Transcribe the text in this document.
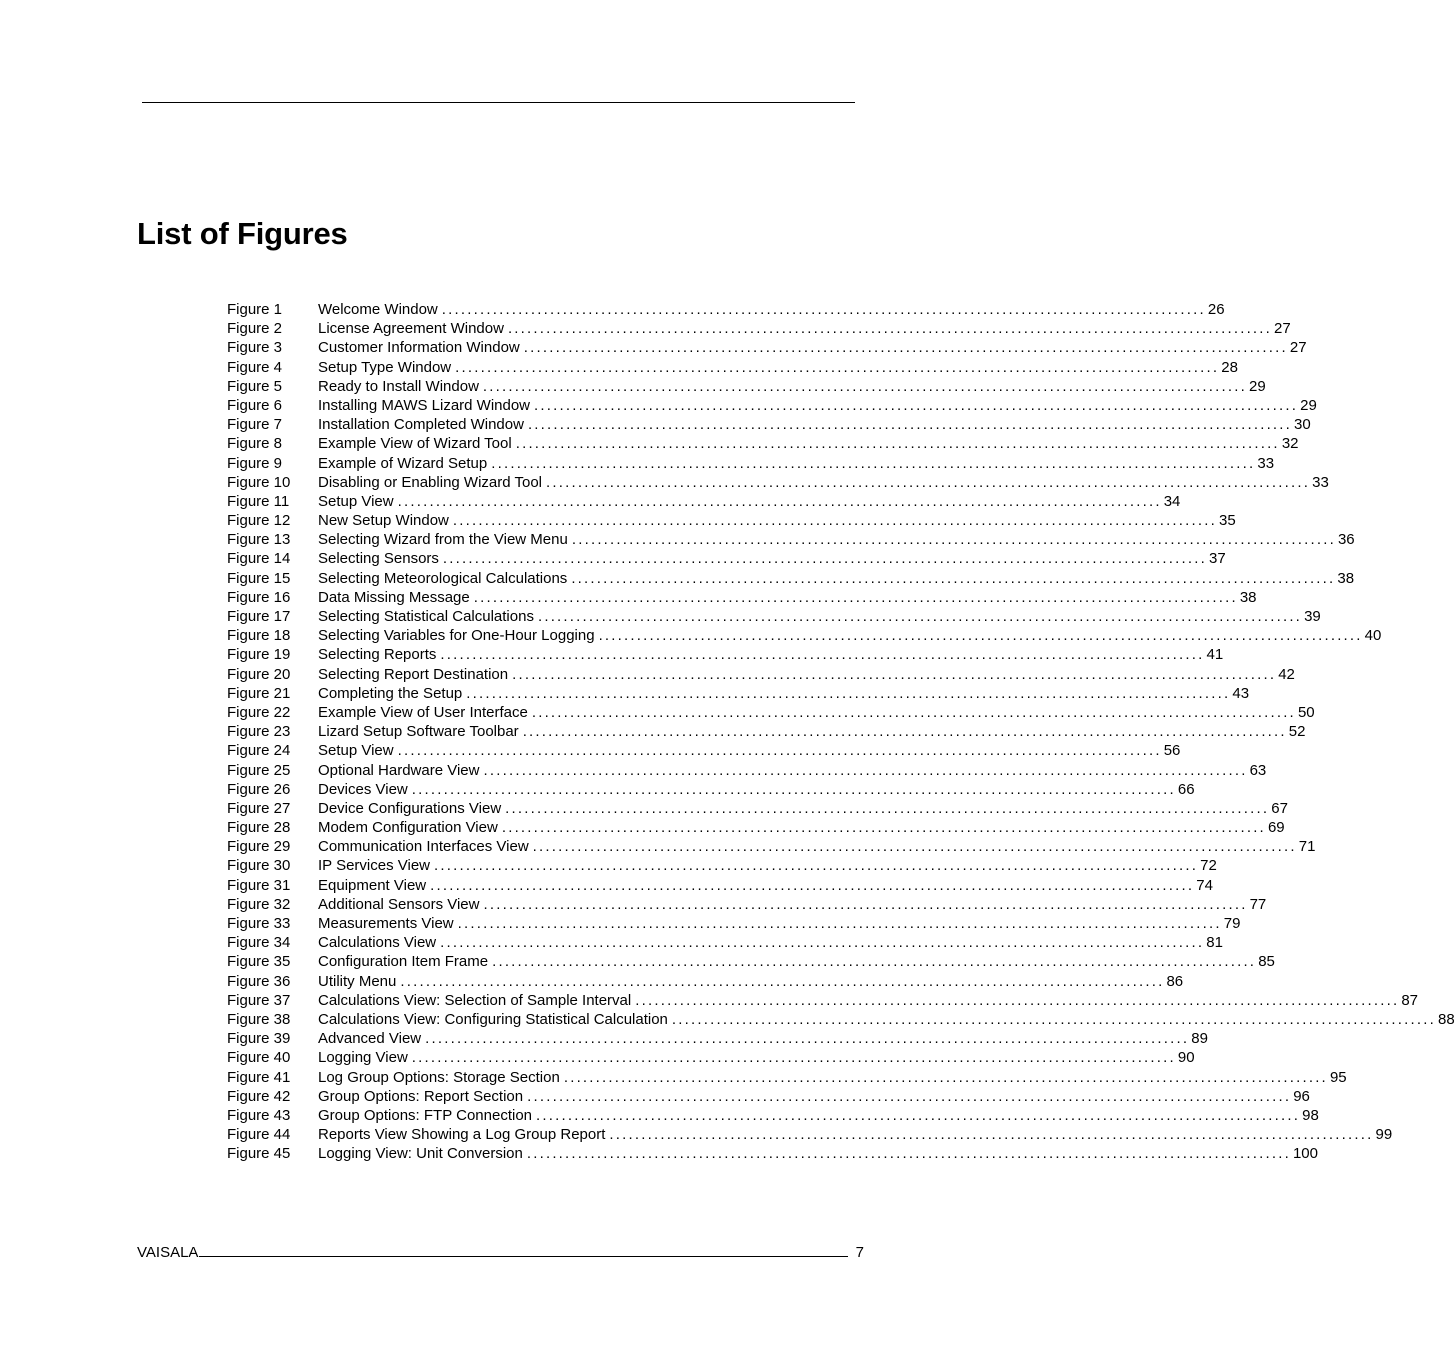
List of Figures
Figure 1	Welcome Window ........................................................................................................................ 26
Figure 2	License Agreement Window ........................................................................................................................ 27
Figure 3	Customer Information Window ........................................................................................................................ 27
Figure 4	Setup Type Window ........................................................................................................................ 28
Figure 5	Ready to Install Window ........................................................................................................................ 29
Figure 6	Installing MAWS Lizard Window ........................................................................................................................ 29
Figure 7	Installation Completed Window ........................................................................................................................ 30
Figure 8	Example View of Wizard Tool ........................................................................................................................ 32
Figure 9	Example of Wizard Setup ........................................................................................................................ 33
Figure 10	Disabling or Enabling Wizard Tool ........................................................................................................................ 33
Figure 11	Setup View ........................................................................................................................ 34
Figure 12	New Setup Window ........................................................................................................................ 35
Figure 13	Selecting Wizard from the View Menu ........................................................................................................................ 36
Figure 14	Selecting Sensors ........................................................................................................................ 37
Figure 15	Selecting Meteorological Calculations ........................................................................................................................ 38
Figure 16	Data Missing Message ........................................................................................................................ 38
Figure 17	Selecting Statistical Calculations ........................................................................................................................ 39
Figure 18	Selecting Variables for One-Hour Logging ........................................................................................................................ 40
Figure 19	Selecting Reports ........................................................................................................................ 41
Figure 20	Selecting Report Destination ........................................................................................................................ 42
Figure 21	Completing the Setup ........................................................................................................................ 43
Figure 22	Example View of User Interface ........................................................................................................................ 50
Figure 23	Lizard Setup Software Toolbar ........................................................................................................................ 52
Figure 24	Setup View ........................................................................................................................ 56
Figure 25	Optional Hardware View ........................................................................................................................ 63
Figure 26	Devices View ........................................................................................................................ 66
Figure 27	Device Configurations View ........................................................................................................................ 67
Figure 28	Modem Configuration View ........................................................................................................................ 69
Figure 29	Communication Interfaces View ........................................................................................................................ 71
Figure 30	IP Services View ........................................................................................................................ 72
Figure 31	Equipment View ........................................................................................................................ 74
Figure 32	Additional Sensors View ........................................................................................................................ 77
Figure 33	Measurements View ........................................................................................................................ 79
Figure 34	Calculations View ........................................................................................................................ 81
Figure 35	Configuration Item Frame ........................................................................................................................ 85
Figure 36	Utility Menu ........................................................................................................................ 86
Figure 37	Calculations View: Selection of Sample Interval ........................................................................................................................ 87
Figure 38	Calculations View: Configuring Statistical Calculation ........................................................................................................................ 88
Figure 39	Advanced View ........................................................................................................................ 89
Figure 40	Logging View ........................................................................................................................ 90
Figure 41	Log Group Options: Storage Section ........................................................................................................................ 95
Figure 42	Group Options: Report Section ........................................................................................................................ 96
Figure 43	Group Options: FTP Connection ........................................................................................................................ 98
Figure 44	Reports View Showing a Log Group Report ........................................................................................................................ 99
Figure 45	Logging View: Unit Conversion ........................................................................................................................ 100
VAISALA	7
